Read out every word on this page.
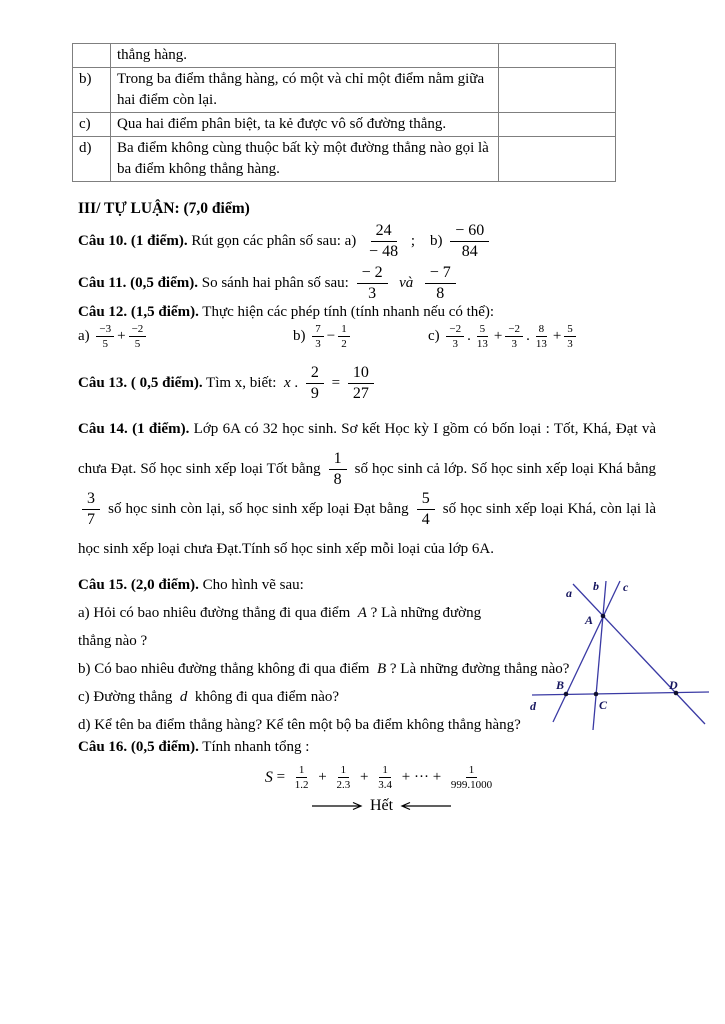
	thẳng hàng.	
b)	Trong ba điểm thẳng hàng, có một và chỉ một điểm nằm giữa hai điểm còn lại.	
c)	Qua hai điểm phân biệt, ta kẻ được vô số đường thẳng.	
d)	Ba điểm không cùng thuộc bất kỳ một đường thẳng nào gọi là ba điểm không thẳng hàng.	
III/ TỰ LUẬN: (7,0 điểm)
Câu 10. (1 điểm). Rút gọn các phân số sau: $a) \frac{24}{- 48}$ ;    $b) \frac{- 60}{84}$
Câu 11. (0,5 điểm). So sánh hai phân số sau: $\frac{- 2}{3}$ và $\frac{- 7}{8}$
Câu 12. (1,5 điểm). Thực hiện các phép tính (tính nhanh nếu có thể):
$a) \frac{-3}{5} + \frac{-2}{5}$	$b) \frac{7}{3} - \frac{1}{2}$	$c) \frac{-2}{3}$ . $\frac{5}{13} + \frac{-2}{3}$ . $\frac{8}{13} + \frac{5}{3}$
Câu 13. ( 0,5 điểm). Tìm x, biết: x . $\frac{2}{9} = \frac{10}{27}$
Câu 14. (1 điểm). Lớp 6A có 32 học sinh. Sơ kết Học kỳ I gồm có bốn loại : Tốt, Khá, Đạt và chưa Đạt. Số học sinh xếp loại Tốt bằng $\frac{1}{8}$ số học sinh cả lớp. Số học sinh xếp loại Khá bằng
$\frac{3}{7}$ số học sinh còn lại, số học sinh xếp loại Đạt bằng $\frac{5}{4}$ số học sinh xếp loại Khá, còn lại là học sinh xếp loại chưa Đạt.Tính số học sinh xếp mỗi loại của lớp 6A.
Câu 15. (2,0 điểm). Cho hình vẽ sau:
a) Hỏi có bao nhiêu đường thẳng đi qua điểm  A ? Là những đường
thẳng nào ?
b) Có bao nhiêu đường thẳng không đi qua điểm  B ? Là những đường thẳng nào?
c) Đường thẳng  d  không đi qua điểm nào?
d) Kể tên ba điểm thẳng hàng? Kể tên một bộ ba điểm không thẳng hàng?
a b c
A
B
C
D
d
Câu 16. (0,5 điểm). Tính nhanh tổng :
$S = \frac{1}{1.2} + \frac{1}{2.3} + \frac{1}{3.4}$ + ··· + $\frac{1}{999.1000}$
Hết
